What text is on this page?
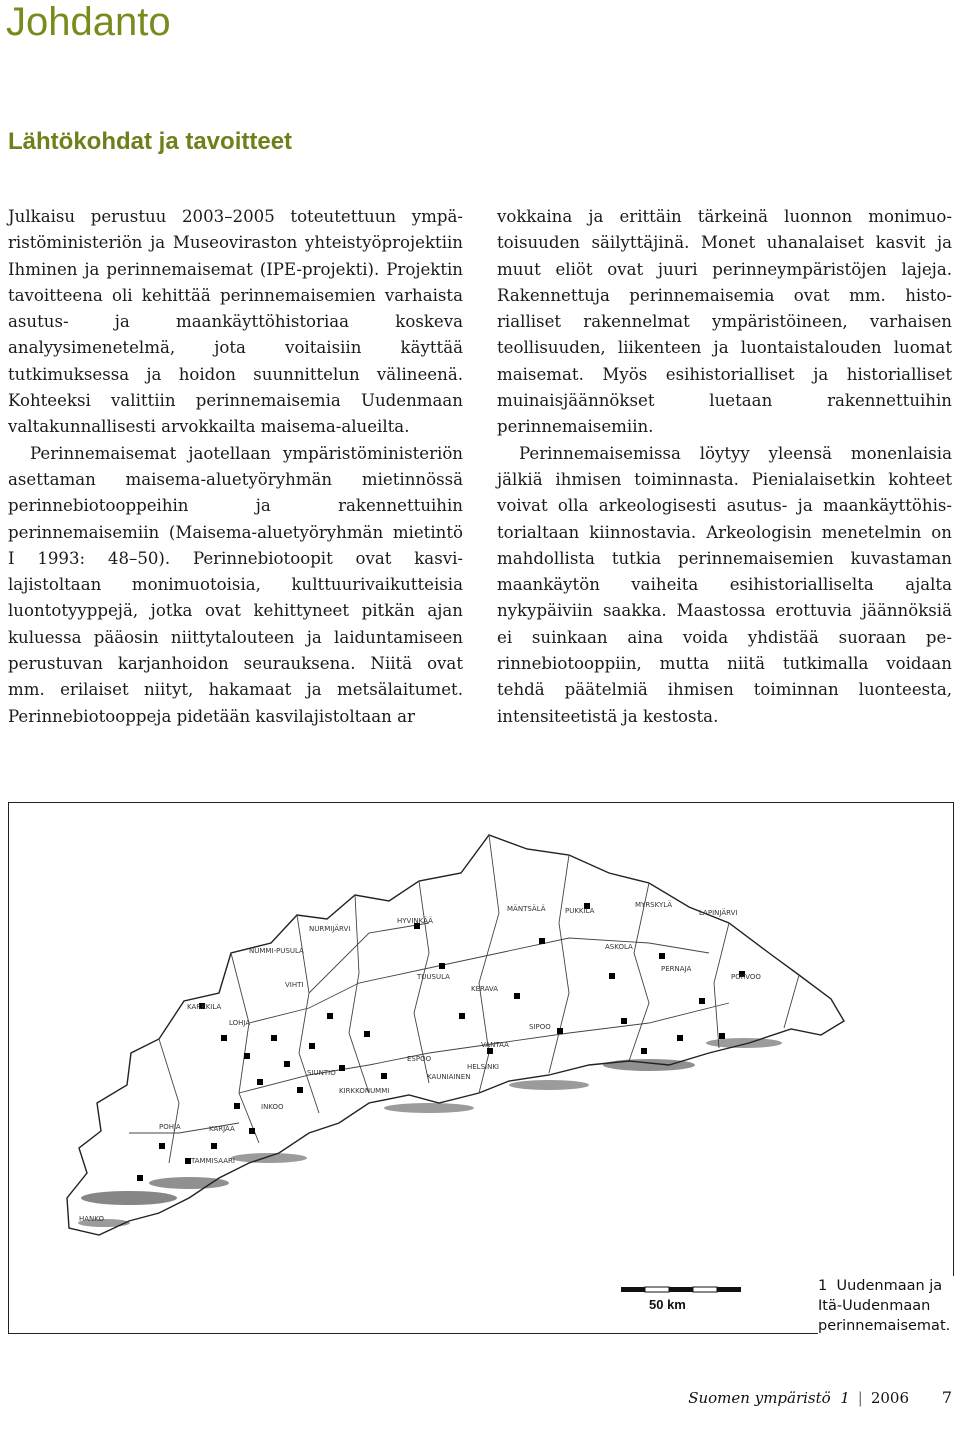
Johdanto
Lähtökohdat ja tavoitteet

Julkaisu perustuu 2003–2005 toteutettuun ympäristöministeriön ja Museoviraston yhteistyöprojektiin Ihminen ja perinnemaisemat (IPE-projekti). Projektin tavoitteena oli kehittää perinnemaisemien varhaista asutus- ja maankäyttöhistoriaa koskeva analyysimenetelmä, jota voitaisiin käyttää tutkimuksessa ja hoidon suunnittelun välineenä. Kohteeksi valittiin perinnemaisemia Uudenmaan valtakunnallisesti arvokkailta maisema-alueilta.

Perinnemaisemat jaotellaan ympäristöministeriön asettaman maisema-aluetyöryhmän mietinnössä perinnebiotooppeihin ja rakennettuihin perinnemaisemiin (Maisema-aluetyöryhmän mietintö I 1993: 48–50). Perinnebiotoopit ovat kasvilajistoltaan monimuotoisia, kulttuurivaikutteisia luontotyyppejä, jotka ovat kehittyneet pitkän ajan kuluessa pääosin niittytalouteen ja laiduntamiseen perustuvan karjanhoidon seurauksena. Niitä ovat mm. erilaiset niityt, hakamaat ja metsälaitumet. Perinnebiotooppeja pidetään kasvilajistoltaan ar

vokkaina ja erittäin tärkeinä luonnon monimuotoisuuden säilyttäjinä. Monet uhanalaiset kasvit ja muut eliöt ovat juuri perinneympäristöjen lajeja. Rakennettuja perinnemaisemia ovat mm. historialliset rakennelmat ympäristöineen, varhaisen teollisuuden, liikenteen ja luontaistalouden luomat maisemat. Myös esihistorialliset ja historialliset muinaisjäännökset luetaan rakennettuihin perinnemaisemiin.

Perinnemaisemissa löytyy yleensä monenlaisia jälkiä ihmisen toiminnasta. Pienialaisetkin kohteet voivat olla arkeologisesti asutus- ja maankäyttöhistorialtaan kiinnostavia. Arkeologisin menetelmin on mahdollista tutkia perinnemaisemien kuvastaman maankäytön vaiheita esihistorialliselta ajalta nykypäiviin saakka. Maastossa erottuvia jäännöksiä ei suinkaan aina voida yhdistää suoraan perinnebiotooppiin, mutta niitä tutkimalla voidaan tehdä päätelmiä ihmisen toiminnan luonteesta, intensiteetistä ja kestosta.

MÄNTSÄLÄ	PUKKILA
MYRSKYLÄ
LAPINJÄRVI
ASKOLA
PERNAJA
PORVOO
NURMIJÄRVI
HYVINKÄÄ
TUUSULA
KERAVA
SIPOO
VANTAA
HELSINKI
ESPOO
KAUNIAINEN
KIRKKONUMMI
SIUNTIO
INKOO
LOHJA
NUMMI-PUSULA
KARKKILA
VIHTI
POHJA	KARJAA
TAMMISAARI
HANKO
50 km

1 Uudenmaan ja Itä-Uudenmaan perinnemaisemat.

Suomen ympäristö 1 | 2006 7
